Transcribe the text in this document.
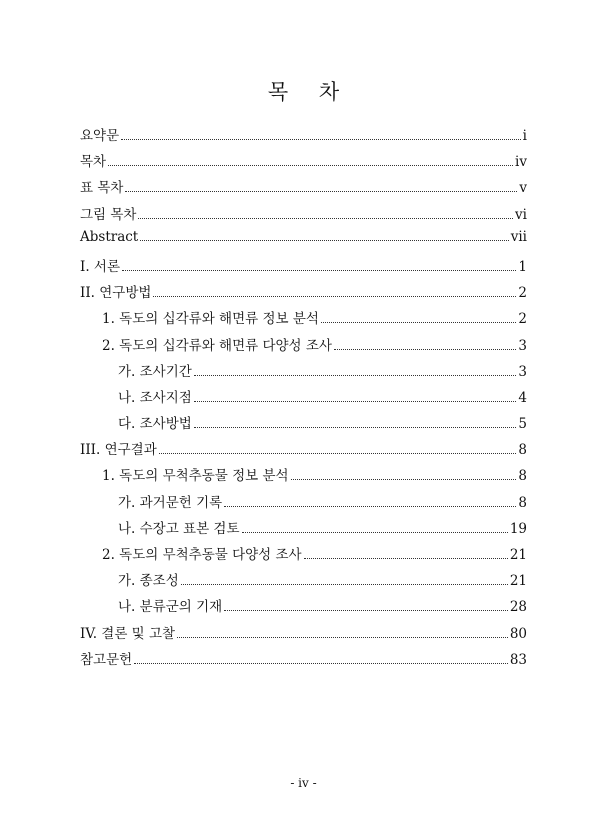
목 차
요약문	i
목차	iv
표 목차	v
그림 목차	vi
Abstract	vii
I. 서론	1
II. 연구방법	2
1. 독도의 십각류와 해면류 정보 분석	2
2. 독도의 십각류와 해면류 다양성 조사	3
가. 조사기간	3
나. 조사지점	4
다. 조사방법	5
III. 연구결과	8
1. 독도의 무척추동물 정보 분석	8
가. 과거문헌 기록	8
나. 수장고 표본 검토	19
2. 독도의 무척추동물 다양성 조사	21
가. 종조성	21
나. 분류군의 기재	28
IV. 결론 및 고찰	80
참고문헌	83
- iv -
